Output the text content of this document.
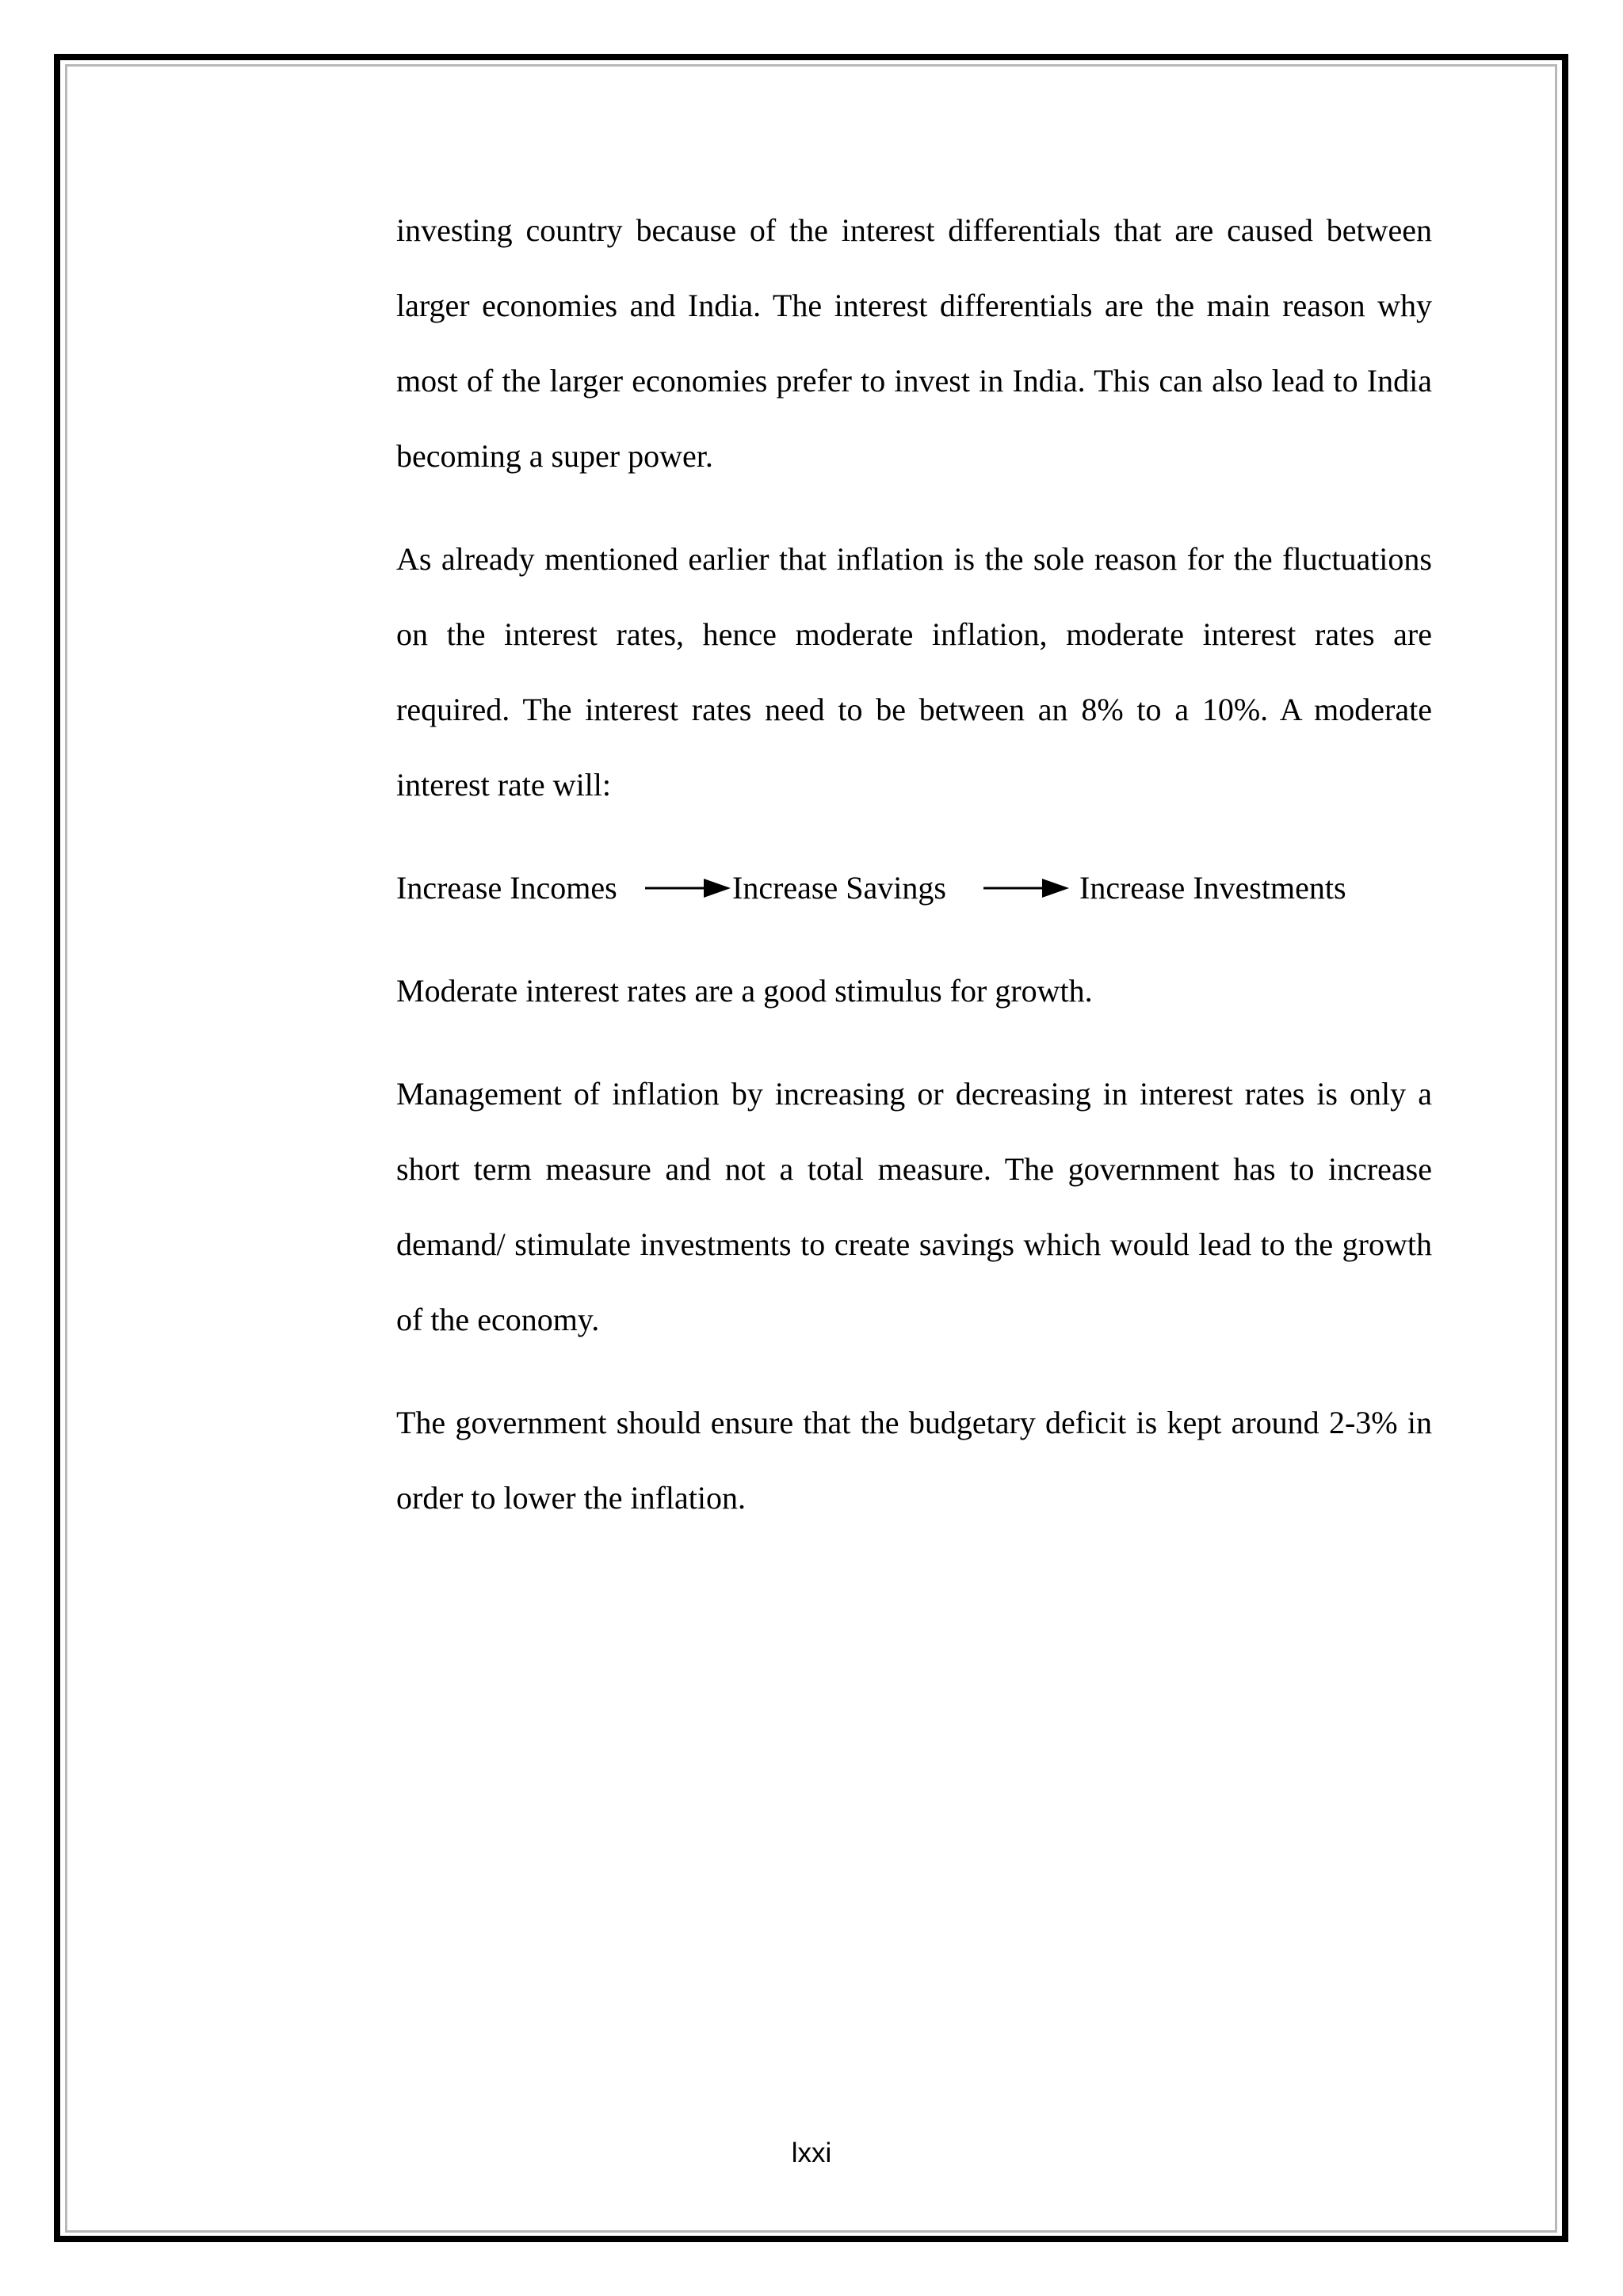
investing country because of the interest differentials that are caused between larger economies and India. The interest differentials are the main reason why most of the larger economies prefer to invest in India. This can also lead to India becoming a super power.

As already mentioned earlier that inflation is the sole reason for the fluctuations on the interest rates, hence moderate inflation, moderate interest rates are required. The interest rates need to be between an 8% to a 10%. A moderate interest rate will:

Increase Incomes	Increase Savings	Increase Investments

Moderate interest rates are a good stimulus for growth.

Management of inflation by increasing or decreasing in interest rates is only a short term measure and not a total measure. The government has to increase demand/ stimulate investments to create savings which would lead to the growth of the economy.

The government should ensure that the budgetary deficit is kept around 2-3% in order to lower the inflation.

lxxi
